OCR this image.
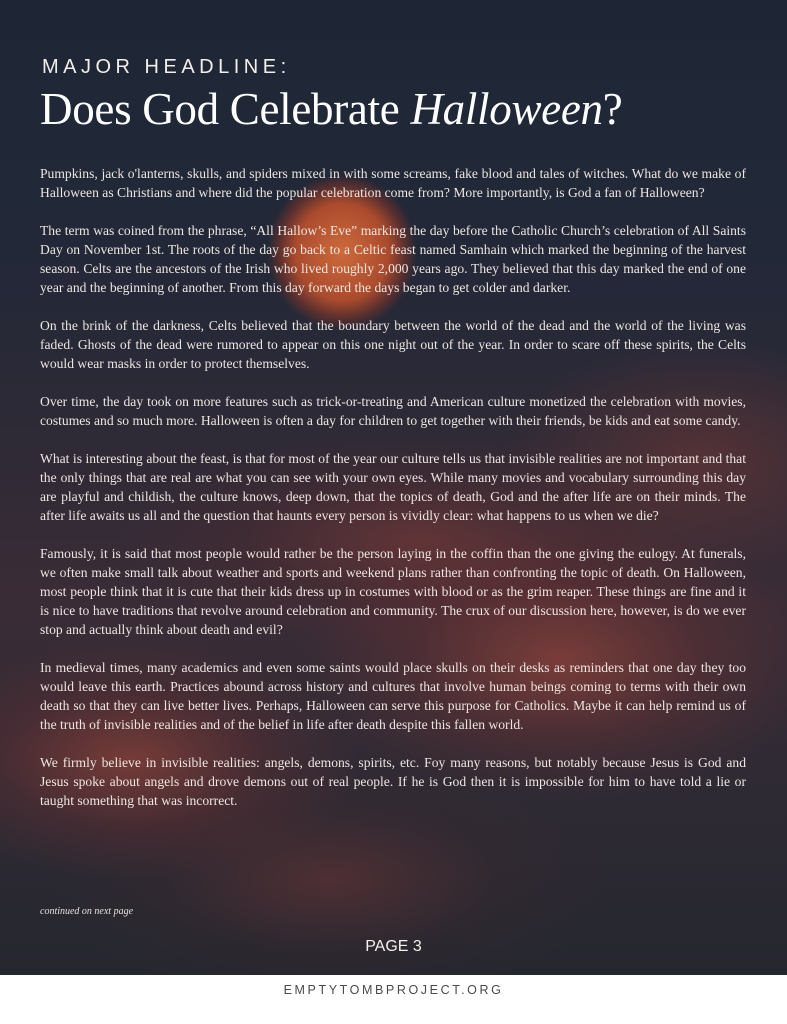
MAJOR HEADLINE:
Does God Celebrate Halloween?

Pumpkins, jack o'lanterns, skulls, and spiders mixed in with some screams, fake blood and tales of witches. What do we make of Halloween as Christians and where did the popular celebration come from? More importantly, is God a fan of Halloween?

The term was coined from the phrase, “All Hallow’s Eve” marking the day before the Catholic Church’s celebration of All Saints Day on November 1st. The roots of the day go back to a Celtic feast named Samhain which marked the beginning of the harvest season. Celts are the ancestors of the Irish who lived roughly 2,000 years ago. They believed that this day marked the end of one year and the beginning of another. From this day forward the days began to get colder and darker.

On the brink of the darkness, Celts believed that the boundary between the world of the dead and the world of the living was faded. Ghosts of the dead were rumored to appear on this one night out of the year. In order to scare off these spirits, the Celts would wear masks in order to protect themselves.

Over time, the day took on more features such as trick-or-treating and American culture monetized the celebration with movies, costumes and so much more. Halloween is often a day for children to get together with their friends, be kids and eat some candy.

What is interesting about the feast, is that for most of the year our culture tells us that invisible realities are not important and that the only things that are real are what you can see with your own eyes. While many movies and vocabulary surrounding this day are playful and childish, the culture knows, deep down, that the topics of death, God and the after life are on their minds. The after life awaits us all and the question that haunts every person is vividly clear: what happens to us when we die?

Famously, it is said that most people would rather be the person laying in the coffin than the one giving the eulogy. At funerals, we often make small talk about weather and sports and weekend plans rather than confronting the topic of death. On Halloween, most people think that it is cute that their kids dress up in costumes with blood or as the grim reaper. These things are fine and it is nice to have traditions that revolve around celebration and community. The crux of our discussion here, however, is do we ever stop and actually think about death and evil?

In medieval times, many academics and even some saints would place skulls on their desks as reminders that one day they too would leave this earth. Practices abound across history and cultures that involve human beings coming to terms with their own death so that they can live better lives. Perhaps, Halloween can serve this purpose for Catholics. Maybe it can help remind us of the truth of invisible realities and of the belief in life after death despite this fallen world.

We firmly believe in invisible realities: angels, demons, spirits, etc. Foy many reasons, but notably because Jesus is God and Jesus spoke about angels and drove demons out of real people. If he is God then it is impossible for him to have told a lie or taught something that was incorrect.

continued on next page
PAGE 3
EMPTYTOMBPROJECT.ORG
